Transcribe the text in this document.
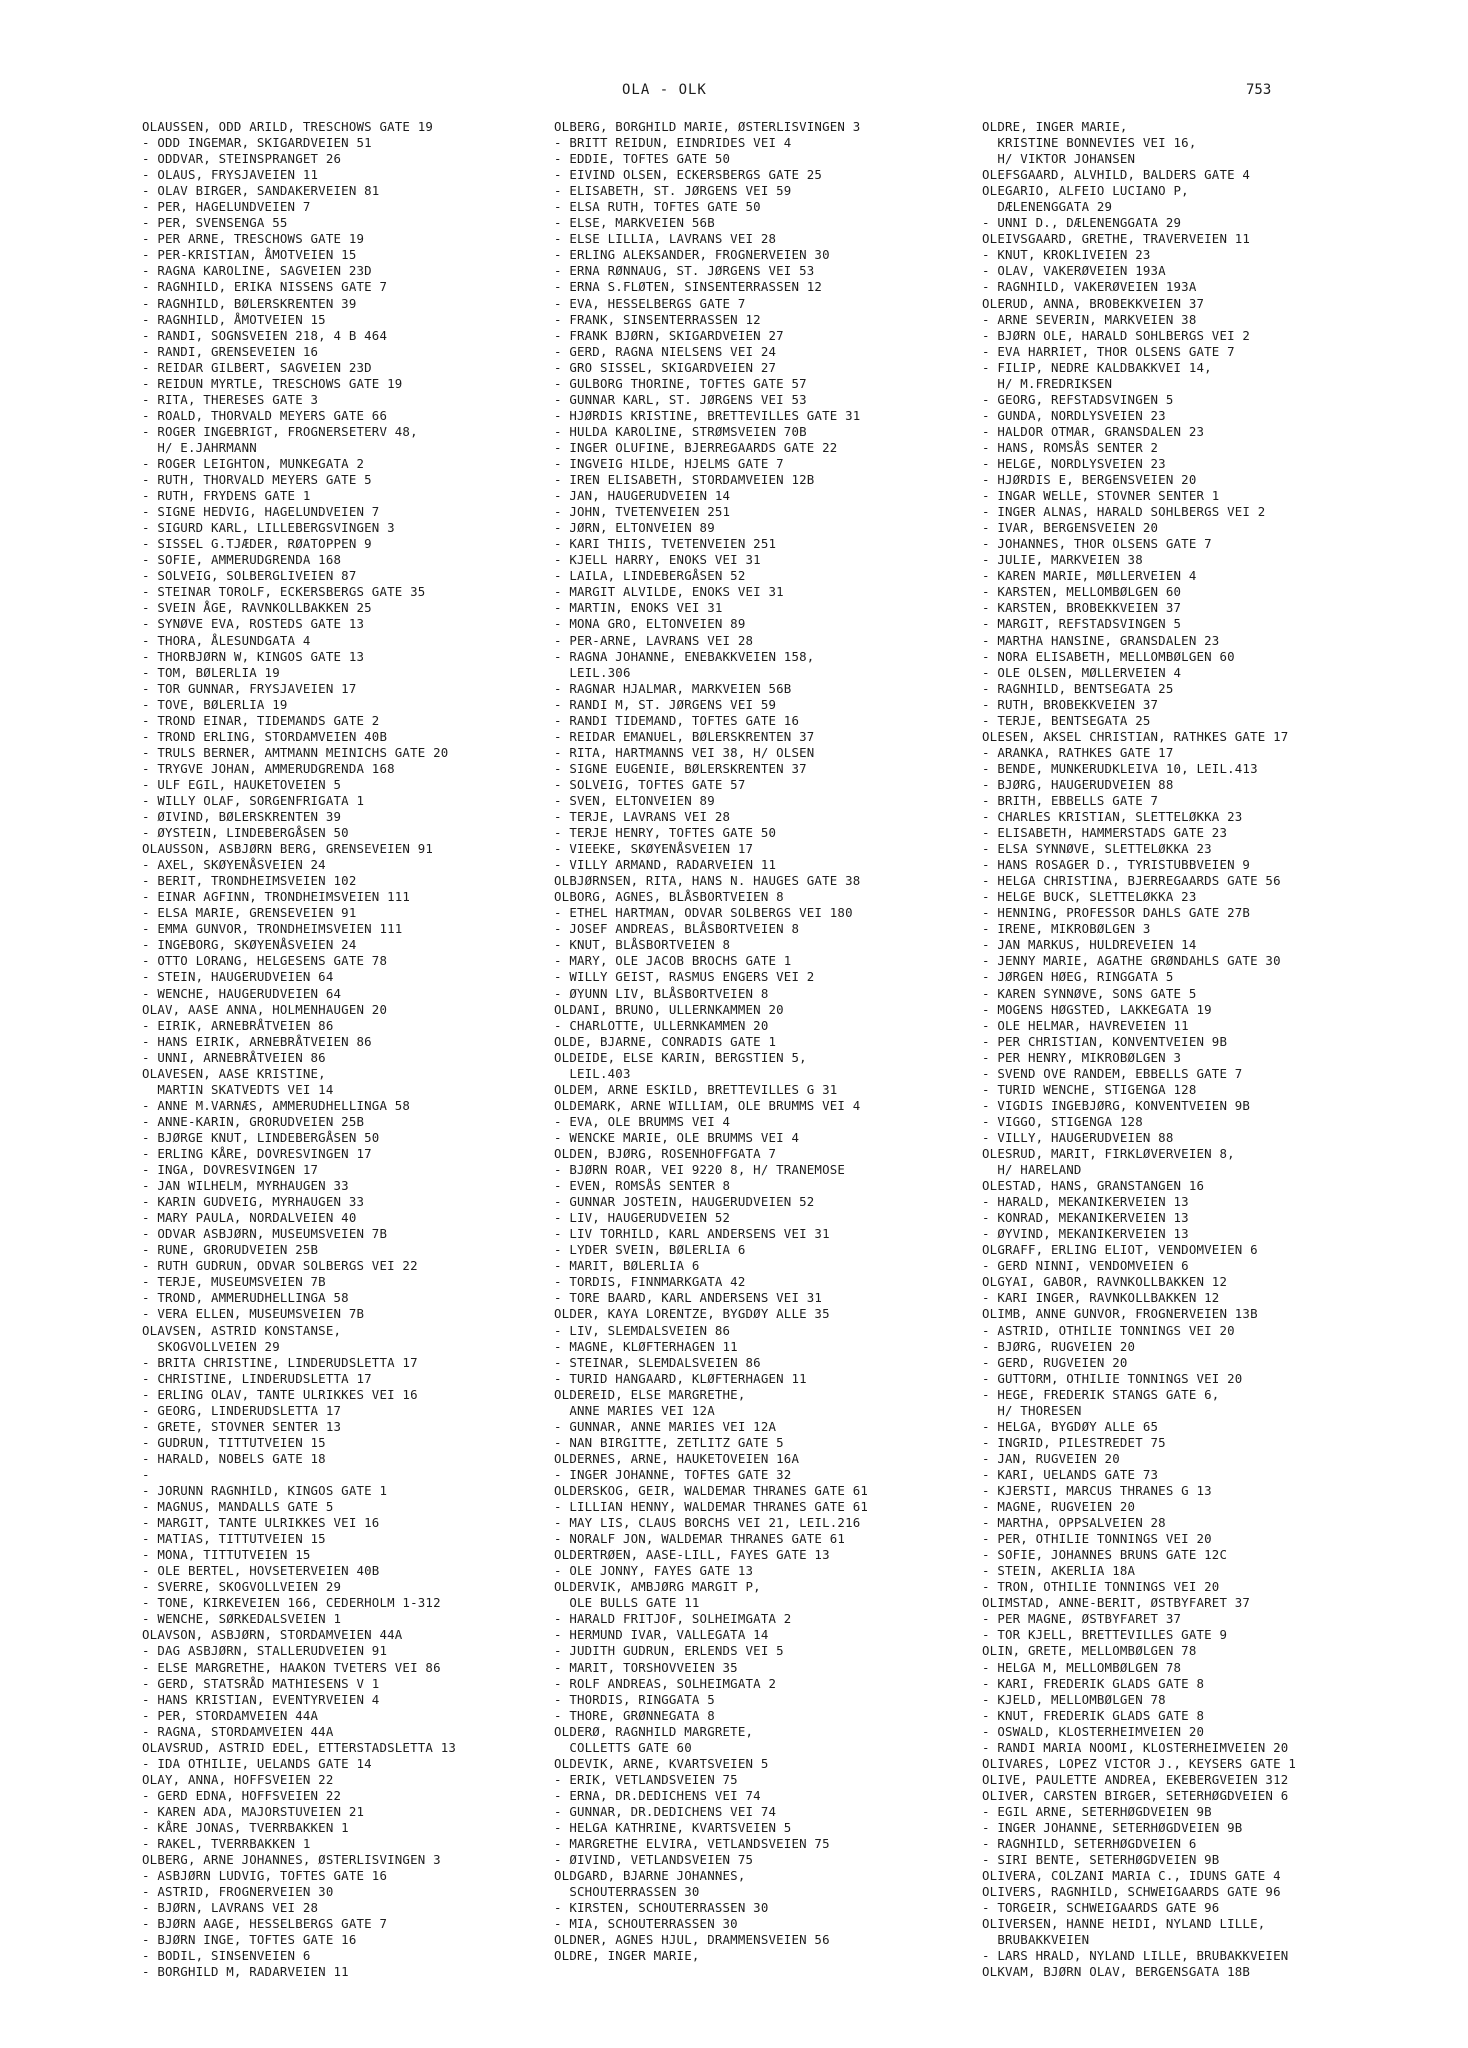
OLA - OLK	753
OLAUSSEN, ODD ARILD, TRESCHOWS GATE 19
- ODD INGEMAR, SKIGARDVEIEN 51
- ODDVAR, STEINSPRANGET 26
- OLAUS, FRYSJAVEIEN 11
- OLAV BIRGER, SANDAKERVEIEN 81
- PER, HAGELUNDVEIEN 7
- PER, SVENSENGA 55
- PER ARNE, TRESCHOWS GATE 19
- PER-KRISTIAN, ÅMOTVEIEN 15
- RAGNA KAROLINE, SAGVEIEN 23D
- RAGNHILD, ERIKA NISSENS GATE 7
- RAGNHILD, BØLERSKRENTEN 39
- RAGNHILD, ÅMOTVEIEN 15
- RANDI, SOGNSVEIEN 218, 4 B 464
- RANDI, GRENSEVEIEN 16
- REIDAR GILBERT, SAGVEIEN 23D
- REIDUN MYRTLE, TRESCHOWS GATE 19
- RITA, THERESES GATE 3
- ROALD, THORVALD MEYERS GATE 66
- ROGER INGEBRIGT, FROGNERSETERV 48,
H/ E.JAHRMANN
- ROGER LEIGHTON, MUNKEGATA 2
- RUTH, THORVALD MEYERS GATE 5
- RUTH, FRYDENS GATE 1
- SIGNE HEDVIG, HAGELUNDVEIEN 7
- SIGURD KARL, LILLEBERGSVINGEN 3
- SISSEL G.TJÆDER, RØATOPPEN 9
- SOFIE, AMMERUDGRENDA 168
- SOLVEIG, SOLBERGLIVEIEN 87
- STEINAR TOROLF, ECKERSBERGS GATE 35
- SVEIN ÅGE, RAVNKOLLBAKKEN 25
- SYNØVE EVA, ROSTEDS GATE 13
- THORA, ÅLESUNDGATA 4
- THORBJØRN W, KINGOS GATE 13
- TOM, BØLERLIA 19
- TOR GUNNAR, FRYSJAVEIEN 17
- TOVE, BØLERLIA 19
- TROND EINAR, TIDEMANDS GATE 2
- TROND ERLING, STORDAMVEIEN 40B
- TRULS BERNER, AMTMANN MEINICHS GATE 20
- TRYGVE JOHAN, AMMERUDGRENDA 168
- ULF EGIL, HAUKETOVEIEN 5
- WILLY OLAF, SORGENFRIGATA 1
- ØIVIND, BØLERSKRENTEN 39
- ØYSTEIN, LINDEBERGÅSEN 50
OLAUSSON, ASBJØRN BERG, GRENSEVEIEN 91
- AXEL, SKØYENÅSVEIEN 24
- BERIT, TRONDHEIMSVEIEN 102
- EINAR AGFINN, TRONDHEIMSVEIEN 111
- ELSA MARIE, GRENSEVEIEN 91
- EMMA GUNVOR, TRONDHEIMSVEIEN 111
- INGEBORG, SKØYENÅSVEIEN 24
- OTTO LORANG, HELGESENS GATE 78
- STEIN, HAUGERUDVEIEN 64
- WENCHE, HAUGERUDVEIEN 64
OLAV, AASE ANNA, HOLMENHAUGEN 20
- EIRIK, ARNEBRÅTVEIEN 86
- HANS EIRIK, ARNEBRÅTVEIEN 86
- UNNI, ARNEBRÅTVEIEN 86
OLAVESEN, AASE KRISTINE,
MARTIN SKATVEDTS VEI 14
- ANNE M.VARNÆS, AMMERUDHELLINGA 58
- ANNE-KARIN, GRORUDVEIEN 25B
- BJØRGE KNUT, LINDEBERGÅSEN 50
- ERLING KÅRE, DOVRESVINGEN 17
- INGA, DOVRESVINGEN 17
- JAN WILHELM, MYRHAUGEN 33
- KARIN GUDVEIG, MYRHAUGEN 33
- MARY PAULA, NORDALVEIEN 40
- ODVAR ASBJØRN, MUSEUMSVEIEN 7B
- RUNE, GRORUDVEIEN 25B
- RUTH GUDRUN, ODVAR SOLBERGS VEI 22
- TERJE, MUSEUMSVEIEN 7B
- TROND, AMMERUDHELLINGA 58
- VERA ELLEN, MUSEUMSVEIEN 7B
OLAVSEN, ASTRID KONSTANSE,
SKOGVOLLVEIEN 29
- BRITA CHRISTINE, LINDERUDSLETTA 17
- CHRISTINE, LINDERUDSLETTA 17
- ERLING OLAV, TANTE ULRIKKES VEI 16
- GEORG, LINDERUDSLETTA 17
- GRETE, STOVNER SENTER 13
- GUDRUN, TITTUTVEIEN 15
- HARALD, NOBELS GATE 18
-
- JORUNN RAGNHILD, KINGOS GATE 1
- MAGNUS, MANDALLS GATE 5
- MARGIT, TANTE ULRIKKES VEI 16
- MATIAS, TITTUTVEIEN 15
- MONA, TITTUTVEIEN 15
- OLE BERTEL, HOVSETERVEIEN 40B
- SVERRE, SKOGVOLLVEIEN 29
- TONE, KIRKEVEIEN 166, CEDERHOLM 1-312
- WENCHE, SØRKEDALSVEIEN 1
OLAVSON, ASBJØRN, STORDAMVEIEN 44A
- DAG ASBJØRN, STALLERUDVEIEN 91
- ELSE MARGRETHE, HAAKON TVETERS VEI 86
- GERD, STATSRÅD MATHIESENS V 1
- HANS KRISTIAN, EVENTYRVEIEN 4
- PER, STORDAMVEIEN 44A
- RAGNA, STORDAMVEIEN 44A
OLAVSRUD, ASTRID EDEL, ETTERSTADSLETTA 13
- IDA OTHILIE, UELANDS GATE 14
OLAY, ANNA, HOFFSVEIEN 22
- GERD EDNA, HOFFSVEIEN 22
- KAREN ADA, MAJORSTUVEIEN 21
- KÅRE JONAS, TVERRBAKKEN 1
- RAKEL, TVERRBAKKEN 1
OLBERG, ARNE JOHANNES, ØSTERLISVINGEN 3
- ASBJØRN LUDVIG, TOFTES GATE 16
- ASTRID, FROGNERVEIEN 30
- BJØRN, LAVRANS VEI 28
- BJØRN AAGE, HESSELBERGS GATE 7
- BJØRN INGE, TOFTES GATE 16
- BODIL, SINSENVEIEN 6
- BORGHILD M, RADARVEIEN 11
OLBERG, BORGHILD MARIE, ØSTERLISVINGEN 3
- BRITT REIDUN, EINDRIDES VEI 4
- EDDIE, TOFTES GATE 50
- EIVIND OLSEN, ECKERSBERGS GATE 25
- ELISABETH, ST. JØRGENS VEI 59
- ELSA RUTH, TOFTES GATE 50
- ELSE, MARKVEIEN 56B
- ELSE LILLIA, LAVRANS VEI 28
- ERLING ALEKSANDER, FROGNERVEIEN 30
- ERNA RØNNAUG, ST. JØRGENS VEI 53
- ERNA S.FLØTEN, SINSENTERRASSEN 12
- EVA, HESSELBERGS GATE 7
- FRANK, SINSENTERRASSEN 12
- FRANK BJØRN, SKIGARDVEIEN 27
- GERD, RAGNA NIELSENS VEI 24
- GRO SISSEL, SKIGARDVEIEN 27
- GULBORG THORINE, TOFTES GATE 57
- GUNNAR KARL, ST. JØRGENS VEI 53
- HJØRDIS KRISTINE, BRETTEVILLES GATE 31
- HULDA KAROLINE, STRØMSVEIEN 70B
- INGER OLUFINE, BJERREGAARDS GATE 22
- INGVEIG HILDE, HJELMS GATE 7
- IREN ELISABETH, STORDAMVEIEN 12B
- JAN, HAUGERUDVEIEN 14
- JOHN, TVETENVEIEN 251
- JØRN, ELTONVEIEN 89
- KARI THIIS, TVETENVEIEN 251
- KJELL HARRY, ENOKS VEI 31
- LAILA, LINDEBERGÅSEN 52
- MARGIT ALVILDE, ENOKS VEI 31
- MARTIN, ENOKS VEI 31
- MONA GRO, ELTONVEIEN 89
- PER-ARNE, LAVRANS VEI 28
- RAGNA JOHANNE, ENEBAKKVEIEN 158,
LEIL.306
- RAGNAR HJALMAR, MARKVEIEN 56B
- RANDI M, ST. JØRGENS VEI 59
- RANDI TIDEMAND, TOFTES GATE 16
- REIDAR EMANUEL, BØLERSKRENTEN 37
- RITA, HARTMANNS VEI 38, H/ OLSEN
- SIGNE EUGENIE, BØLERSKRENTEN 37
- SOLVEIG, TOFTES GATE 57
- SVEN, ELTONVEIEN 89
- TERJE, LAVRANS VEI 28
- TERJE HENRY, TOFTES GATE 50
- VIEEKE, SKØYENÅSVEIEN 17
- VILLY ARMAND, RADARVEIEN 11
OLBJØRNSEN, RITA, HANS N. HAUGES GATE 38
OLBORG, AGNES, BLÅSBORTVEIEN 8
- ETHEL HARTMAN, ODVAR SOLBERGS VEI 180
- JOSEF ANDREAS, BLÅSBORTVEIEN 8
- KNUT, BLÅSBORTVEIEN 8
- MARY, OLE JACOB BROCHS GATE 1
- WILLY GEIST, RASMUS ENGERS VEI 2
- ØYUNN LIV, BLÅSBORTVEIEN 8
OLDANI, BRUNO, ULLERNKAMMEN 20
- CHARLOTTE, ULLERNKAMMEN 20
OLDE, BJARNE, CONRADIS GATE 1
OLDEIDE, ELSE KARIN, BERGSTIEN 5,
LEIL.403
OLDEM, ARNE ESKILD, BRETTEVILLES G 31
OLDEMARK, ARNE WILLIAM, OLE BRUMMS VEI 4
- EVA, OLE BRUMMS VEI 4
- WENCKE MARIE, OLE BRUMMS VEI 4
OLDEN, BJØRG, ROSENHOFFGATA 7
- BJØRN ROAR, VEI 9220 8, H/ TRANEMOSE
- EVEN, ROMSÅS SENTER 8
- GUNNAR JOSTEIN, HAUGERUDVEIEN 52
- LIV, HAUGERUDVEIEN 52
- LIV TORHILD, KARL ANDERSENS VEI 31
- LYDER SVEIN, BØLERLIA 6
- MARIT, BØLERLIA 6
- TORDIS, FINNMARKGATA 42
- TORE BAARD, KARL ANDERSENS VEI 31
OLDER, KAYA LORENTZE, BYGDØY ALLE 35
- LIV, SLEMDALSVEIEN 86
- MAGNE, KLØFTERHAGEN 11
- STEINAR, SLEMDALSVEIEN 86
- TURID HANGAARD, KLØFTERHAGEN 11
OLDEREID, ELSE MARGRETHE,
ANNE MARIES VEI 12A
- GUNNAR, ANNE MARIES VEI 12A
- NAN BIRGITTE, ZETLITZ GATE 5
OLDERNES, ARNE, HAUKETOVEIEN 16A
- INGER JOHANNE, TOFTES GATE 32
OLDERSKOG, GEIR, WALDEMAR THRANES GATE 61
- LILLIAN HENNY, WALDEMAR THRANES GATE 61
- MAY LIS, CLAUS BORCHS VEI 21, LEIL.216
- NORALF JON, WALDEMAR THRANES GATE 61
OLDERTRØEN, AASE-LILL, FAYES GATE 13
- OLE JONNY, FAYES GATE 13
OLDERVIK, AMBJØRG MARGIT P,
OLE BULLS GATE 11
- HARALD FRITJOF, SOLHEIMGATA 2
- HERMUND IVAR, VALLEGATA 14
- JUDITH GUDRUN, ERLENDS VEI 5
- MARIT, TORSHOVVEIEN 35
- ROLF ANDREAS, SOLHEIMGATA 2
- THORDIS, RINGGATA 5
- THORE, GRØNNEGATA 8
OLDERØ, RAGNHILD MARGRETE,
COLLETTS GATE 60
OLDEVIK, ARNE, KVARTSVEIEN 5
- ERIK, VETLANDSVEIEN 75
- ERNA, DR.DEDICHENS VEI 74
- GUNNAR, DR.DEDICHENS VEI 74
- HELGA KATHRINE, KVARTSVEIEN 5
- MARGRETHE ELVIRA, VETLANDSVEIEN 75
- ØIVIND, VETLANDSVEIEN 75
OLDGARD, BJARNE JOHANNES,
SCHOUTERRASSEN 30
- KIRSTEN, SCHOUTERRASSEN 30
- MIA, SCHOUTERRASSEN 30
OLDNER, AGNES HJUL, DRAMMENSVEIEN 56
OLDRE, INGER MARIE,
OLDRE, INGER MARIE,
KRISTINE BONNEVIES VEI 16,
H/ VIKTOR JOHANSEN
OLEFSGAARD, ALVHILD, BALDERS GATE 4
OLEGARIO, ALFEIO LUCIANO P,
DÆLENENGGATA 29
- UNNI D., DÆLENENGGATA 29
OLEIVSGAARD, GRETHE, TRAVERVEIEN 11
- KNUT, KROKLIVEIEN 23
- OLAV, VAKERØVEIEN 193A
- RAGNHILD, VAKERØVEIEN 193A
OLERUD, ANNA, BROBEKKVEIEN 37
- ARNE SEVERIN, MARKVEIEN 38
- BJØRN OLE, HARALD SOHLBERGS VEI 2
- EVA HARRIET, THOR OLSENS GATE 7
- FILIP, NEDRE KALDBAKKVEI 14,
H/ M.FREDRIKSEN
- GEORG, REFSTADSVINGEN 5
- GUNDA, NORDLYSVEIEN 23
- HALDOR OTMAR, GRANSDALEN 23
- HANS, ROMSÅS SENTER 2
- HELGE, NORDLYSVEIEN 23
- HJØRDIS E, BERGENSVEIEN 20
- INGAR WELLE, STOVNER SENTER 1
- INGER ALNAS, HARALD SOHLBERGS VEI 2
- IVAR, BERGENSVEIEN 20
- JOHANNES, THOR OLSENS GATE 7
- JULIE, MARKVEIEN 38
- KAREN MARIE, MØLLERVEIEN 4
- KARSTEN, MELLOMBØLGEN 60
- KARSTEN, BROBEKKVEIEN 37
- MARGIT, REFSTADSVINGEN 5
- MARTHA HANSINE, GRANSDALEN 23
- NORA ELISABETH, MELLOMBØLGEN 60
- OLE OLSEN, MØLLERVEIEN 4
- RAGNHILD, BENTSEGATA 25
- RUTH, BROBEKKVEIEN 37
- TERJE, BENTSEGATA 25
OLESEN, AKSEL CHRISTIAN, RATHKES GATE 17
- ARANKA, RATHKES GATE 17
- BENDE, MUNKERUDKLEIVA 10, LEIL.413
- BJØRG, HAUGERUDVEIEN 88
- BRITH, EBBELLS GATE 7
- CHARLES KRISTIAN, SLETTELØKKA 23
- ELISABETH, HAMMERSTADS GATE 23
- ELSA SYNNØVE, SLETTELØKKA 23
- HANS ROSAGER D., TYRISTUBBVEIEN 9
- HELGA CHRISTINA, BJERREGAARDS GATE 56
- HELGE BUCK, SLETTELØKKA 23
- HENNING, PROFESSOR DAHLS GATE 27B
- IRENE, MIKROBØLGEN 3
- JAN MARKUS, HULDREVEIEN 14
- JENNY MARIE, AGATHE GRØNDAHLS GATE 30
- JØRGEN HØEG, RINGGATA 5
- KAREN SYNNØVE, SONS GATE 5
- MOGENS HØGSTED, LAKKEGATA 19
- OLE HELMAR, HAVREVEIEN 11
- PER CHRISTIAN, KONVENTVEIEN 9B
- PER HENRY, MIKROBØLGEN 3
- SVEND OVE RANDEM, EBBELLS GATE 7
- TURID WENCHE, STIGENGA 128
- VIGDIS INGEBJØRG, KONVENTVEIEN 9B
- VIGGO, STIGENGA 128
- VILLY, HAUGERUDVEIEN 88
OLESRUD, MARIT, FIRKLØVERVEIEN 8,
H/ HARELAND
OLESTAD, HANS, GRANSTANGEN 16
- HARALD, MEKANIKERVEIEN 13
- KONRAD, MEKANIKERVEIEN 13
- ØYVIND, MEKANIKERVEIEN 13
OLGRAFF, ERLING ELIOT, VENDOMVEIEN 6
- GERD NINNI, VENDOMVEIEN 6
OLGYAI, GABOR, RAVNKOLLBAKKEN 12
- KARI INGER, RAVNKOLLBAKKEN 12
OLIMB, ANNE GUNVOR, FROGNERVEIEN 13B
- ASTRID, OTHILIE TONNINGS VEI 20
- BJØRG, RUGVEIEN 20
- GERD, RUGVEIEN 20
- GUTTORM, OTHILIE TONNINGS VEI 20
- HEGE, FREDERIK STANGS GATE 6,
H/ THORESEN
- HELGA, BYGDØY ALLE 65
- INGRID, PILESTREDET 75
- JAN, RUGVEIEN 20
- KARI, UELANDS GATE 73
- KJERSTI, MARCUS THRANES G 13
- MAGNE, RUGVEIEN 20
- MARTHA, OPPSALVEIEN 28
- PER, OTHILIE TONNINGS VEI 20
- SOFIE, JOHANNES BRUNS GATE 12C
- STEIN, AKERLIA 18A
- TRON, OTHILIE TONNINGS VEI 20
OLIMSTAD, ANNE-BERIT, ØSTBYFARET 37
- PER MAGNE, ØSTBYFARET 37
- TOR KJELL, BRETTEVILLES GATE 9
OLIN, GRETE, MELLOMBØLGEN 78
- HELGA M, MELLOMBØLGEN 78
- KARI, FREDERIK GLADS GATE 8
- KJELD, MELLOMBØLGEN 78
- KNUT, FREDERIK GLADS GATE 8
- OSWALD, KLOSTERHEIMVEIEN 20
- RANDI MARIA NOOMI, KLOSTERHEIMVEIEN 20
OLIVARES, LOPEZ VICTOR J., KEYSERS GATE 1
OLIVE, PAULETTE ANDREA, EKEBERGVEIEN 312
OLIVER, CARSTEN BIRGER, SETERHØGDVEIEN 6
- EGIL ARNE, SETERHØGDVEIEN 9B
- INGER JOHANNE, SETERHØGDVEIEN 9B
- RAGNHILD, SETERHØGDVEIEN 6
- SIRI BENTE, SETERHØGDVEIEN 9B
OLIVERA, COLZANI MARIA C., IDUNS GATE 4
OLIVERS, RAGNHILD, SCHWEIGAARDS GATE 96
- TORGEIR, SCHWEIGAARDS GATE 96
OLIVERSEN, HANNE HEIDI, NYLAND LILLE,
BRUBAKKVEIEN
- LARS HRALD, NYLAND LILLE, BRUBAKKVEIEN
OLKVAM, BJØRN OLAV, BERGENSGATA 18B
